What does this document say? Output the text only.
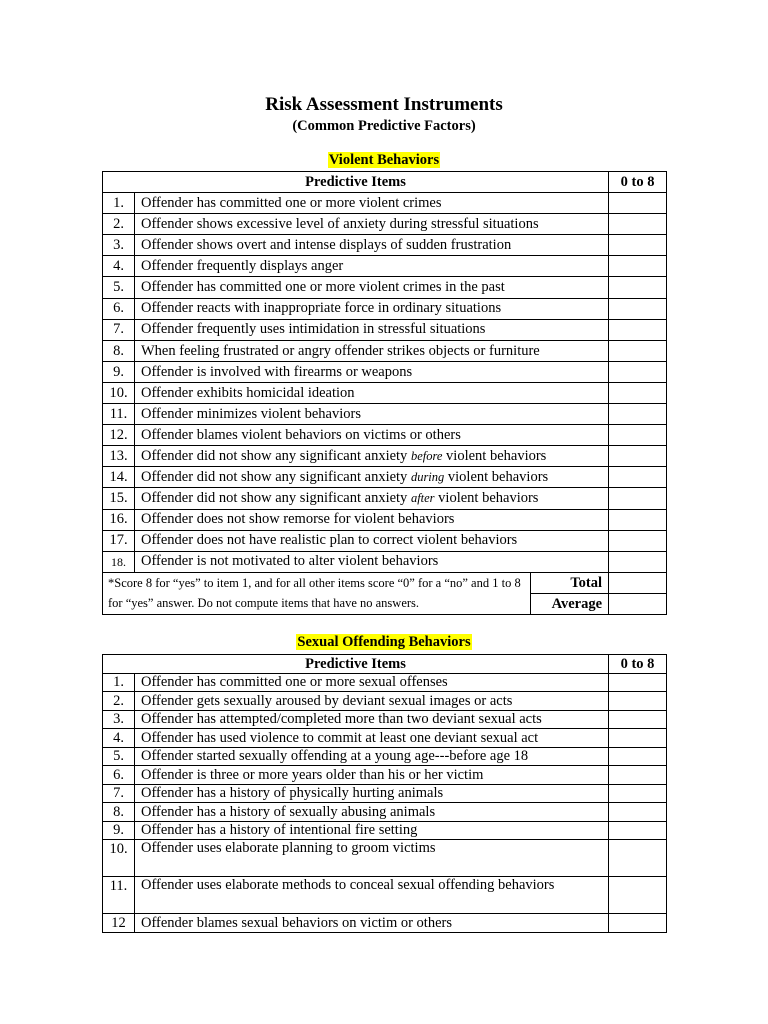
Risk Assessment Instruments
(Common Predictive Factors)
Violent Behaviors
Predictive Items			0 to 8
1.	Offender has committed one or more violent crimes		
2.	Offender shows excessive level of anxiety during stressful situations		
3.	Offender shows overt and intense displays of sudden frustration		
4.	Offender frequently displays anger		
5.	Offender has committed one or more violent crimes in the past		
6.	Offender reacts with inappropriate force in ordinary situations		
7.	Offender frequently uses intimidation in stressful situations		
8.	When feeling frustrated or angry offender strikes objects or furniture		
9.	Offender is involved with firearms or weapons		
10.	Offender exhibits homicidal ideation		
11.	Offender minimizes violent behaviors		
12.	Offender blames violent behaviors on victims or others		
13.	Offender did not show any significant anxiety before violent behaviors		
14.	Offender did not show any significant anxiety during violent behaviors		
15.	Offender did not show any significant anxiety after violent behaviors		
16.	Offender does not show remorse for violent behaviors		
17.	Offender does not have realistic plan to correct violent behaviors		
18.	Offender is not motivated to alter violent behaviors		
*Score 8 for “yes” to item 1, and for all other items score “0” for a “no” and 1 to 8 for “yes” answer. Do not compute items that have no answers.		Total	
		Average	
Sexual Offending Behaviors
Predictive Items		0 to 8
1.	Offender has committed one or more sexual offenses	
2.	Offender gets sexually aroused by deviant sexual images or acts	
3.	Offender has attempted/completed more than two deviant sexual acts	
4.	Offender has used violence to commit at least one deviant sexual act	
5.	Offender started sexually offending at a young age---before age 18	
6.	Offender is three or more years older than his or her victim	
7.	Offender has a history of physically hurting animals	
8.	Offender has a history of sexually abusing animals	
9.	Offender has a history of intentional fire setting	
10.	Offender uses elaborate planning to groom victims	
11.	Offender uses elaborate methods to conceal sexual offending behaviors	
12	Offender blames sexual behaviors on victim or others	
